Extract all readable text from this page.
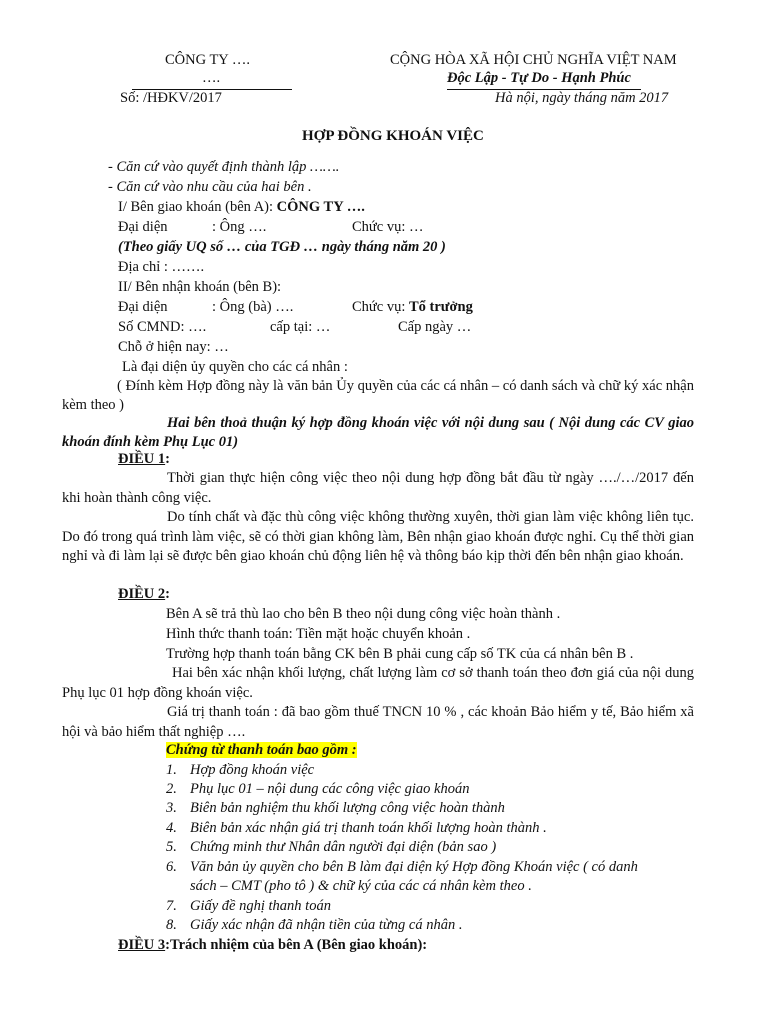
CÔNG TY ….
….
Số: /HĐKV/2017
CỘNG HÒA XÃ HỘI CHỦ NGHĨA VIỆT NAM
Độc Lập - Tự Do - Hạnh Phúc
Hà nội, ngày tháng năm 2017
HỢP ĐỒNG KHOÁN VIỆC
- Căn cứ vào quyết định thành lập …….
- Căn cứ vào nhu cầu của hai bên .
I/ Bên giao khoán (bên A): CÔNG TY ….
Đại diện	: Ông ….	Chức vụ: …
(Theo giấy UQ số … của TGĐ … ngày tháng năm 20 )
Địa chỉ : …….
II/ Bên nhận khoán (bên B):
Đại diện	: Ông (bà) ….	Chức vụ: Tổ trưởng
Số CMND: ….	cấp tại: …	Cấp ngày …
Chỗ ở hiện nay: …
Là đại diện ủy quyền cho các cá nhân :
( Đính kèm Hợp đồng này là văn bản Ủy quyền của các cá nhân – có danh sách và chữ ký xác nhận kèm theo )
Hai bên thoả thuận ký hợp đồng khoán việc với nội dung sau ( Nội dung các CV giao khoán đính kèm Phụ Lục 01)
ĐIỀU 1:
Thời gian thực hiện công việc theo nội dung hợp đồng bắt đầu từ ngày …./…/2017 đến khi hoàn thành công việc.
Do tính chất và đặc thù công việc không thường xuyên, thời gian làm việc không liên tục. Do đó trong quá trình làm việc, sẽ có thời gian không làm, Bên nhận giao khoán được nghỉ. Cụ thể thời gian nghỉ và đi làm lại sẽ được bên giao khoán chủ động liên hệ và thông báo kịp thời đến bên nhận giao khoán.
ĐIỀU 2:
Bên A sẽ trả thù lao cho bên B theo nội dung công việc hoàn thành .
Hình thức thanh toán: Tiền mặt hoặc chuyển khoản .
Trường hợp thanh toán bằng CK bên B phải cung cấp số TK của cá nhân bên B .
Hai bên xác nhận khối lượng, chất lượng làm cơ sở thanh toán theo đơn giá của nội dung Phụ lục 01 hợp đồng khoán việc.
Giá trị thanh toán : đã bao gồm thuế TNCN 10 % , các khoản Bảo hiểm y tế, Bảo hiểm xã hội và bảo hiểm thất nghiệp ….
Chứng từ thanh toán bao gồm :
1. Hợp đồng khoán việc
2. Phụ lục 01 – nội dung các công việc giao khoán
3. Biên bản nghiệm thu khối lượng công việc hoàn thành
4. Biên bản xác nhận giá trị thanh toán khối lượng hoàn thành .
5. Chứng minh thư Nhân dân người đại diện (bản sao )
6. Văn bản ủy quyền cho bên B làm đại diện ký Hợp đồng Khoán việc ( có danh
sách – CMT (pho tô ) & chữ ký của các cá nhân kèm theo .
7. Giấy đề nghị thanh toán
8. Giấy xác nhận đã nhận tiền của từng cá nhân .
ĐIỀU 3:Trách nhiệm của bên A (Bên giao khoán):
